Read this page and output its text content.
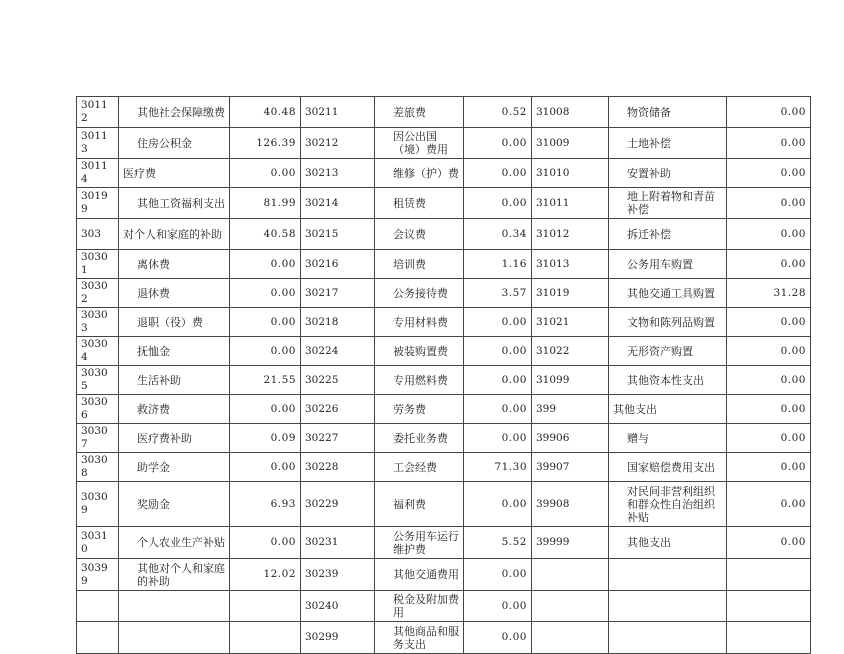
30112	其他社会保障缴费	40.48	30211	差旅费	0.52	31008	物资储备	0.00
30113	住房公积金	126.39	30212	因公出国（境）费用	0.00	31009	土地补偿	0.00
30114	医疗费	0.00	30213	维修（护）费	0.00	31010	安置补助	0.00
30199	其他工资福利支出	81.99	30214	租赁费	0.00	31011	地上附着物和青苗补偿	0.00
303	对个人和家庭的补助	40.58	30215	会议费	0.34	31012	拆迁补偿	0.00
30301	离休费	0.00	30216	培训费	1.16	31013	公务用车购置	0.00
30302	退休费	0.00	30217	公务接待费	3.57	31019	其他交通工具购置	31.28
30303	退职（役）费	0.00	30218	专用材料费	0.00	31021	文物和陈列品购置	0.00
30304	抚恤金	0.00	30224	被装购置费	0.00	31022	无形资产购置	0.00
30305	生活补助	21.55	30225	专用燃料费	0.00	31099	其他资本性支出	0.00
30306	救济费	0.00	30226	劳务费	0.00	399	其他支出	0.00
30307	医疗费补助	0.09	30227	委托业务费	0.00	39906	赠与	0.00
30308	助学金	0.00	30228	工会经费	71.30	39907	国家赔偿费用支出	0.00
30309	奖励金	6.93	30229	福利费	0.00	39908	对民间非营利组织和群众性自治组织补贴	0.00
30310	个人农业生产补贴	0.00	30231	公务用车运行维护费	5.52	39999	其他支出	0.00
30399	其他对个人和家庭的补助	12.02	30239	其他交通费用	0.00			
			30240	税金及附加费用	0.00			
			30299	其他商品和服务支出	0.00			
